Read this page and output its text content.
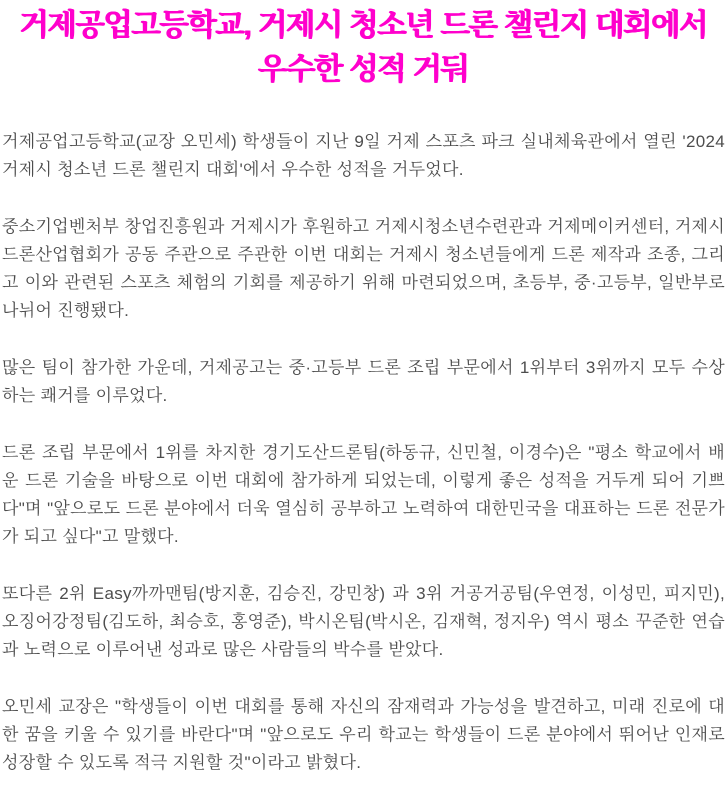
거제공업고등학교, 거제시 청소년 드론 챌린지 대회에서
우수한 성적 거둬

거제공업고등학교(교장 오민세) 학생들이 지난 9일 거제 스포츠 파크 실내체육관에서 열린 '2024 거제시 청소년 드론 챌린지 대회'에서 우수한 성적을 거두었다.

중소기업벤처부 창업진흥원과 거제시가 후원하고 거제시청소년수련관과 거제메이커센터, 거제시드론산업협회가 공동 주관으로 주관한 이번 대회는 거제시 청소년들에게 드론 제작과 조종, 그리고 이와 관련된 스포츠 체험의 기회를 제공하기 위해 마련되었으며, 초등부, 중·고등부, 일반부로 나뉘어 진행됐다.

많은 팀이 참가한 가운데, 거제공고는 중·고등부 드론 조립 부문에서 1위부터 3위까지 모두 수상하는 쾌거를 이루었다.

드론 조립 부문에서 1위를 차지한 경기도산드론팀(하동규, 신민철, 이경수)은 "평소 학교에서 배운 드론 기술을 바탕으로 이번 대회에 참가하게 되었는데, 이렇게 좋은 성적을 거두게 되어 기쁘다"며 "앞으로도 드론 분야에서 더욱 열심히 공부하고 노력하여 대한민국을 대표하는 드론 전문가가 되고 싶다"고 말했다.

또다른 2위 Easy까까맨팀(방지훈, 김승진, 강민창) 과 3위 거공거공팀(우연정, 이성민, 피지민), 오징어강정팀(김도하, 최승호, 홍영준), 박시온팀(박시온, 김재혁, 정지우) 역시 평소 꾸준한 연습과 노력으로 이루어낸 성과로 많은 사람들의 박수를 받았다.

오민세 교장은 "학생들이 이번 대회를 통해 자신의 잠재력과 가능성을 발견하고, 미래 진로에 대한 꿈을 키울 수 있기를 바란다"며 "앞으로도 우리 학교는 학생들이 드론 분야에서 뛰어난 인재로 성장할 수 있도록 적극 지원할 것"이라고 밝혔다.
